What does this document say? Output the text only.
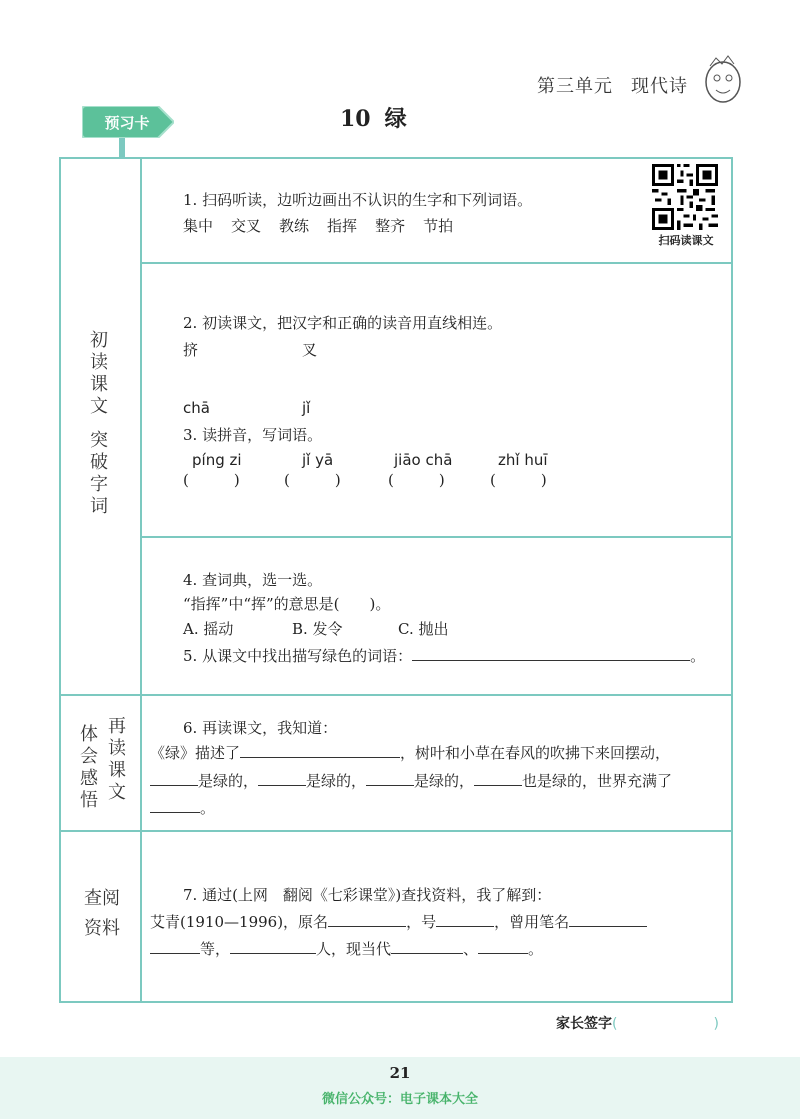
第三单元 现代诗
预习卡	10 绿
初读课文
突破字词
再读课文
体会感悟
查阅
资料
扫码读课文
1. 扫码听读，边听边画出不认识的生字和下列词语。
集中 交叉 教练 指挥 整齐 节拍
2. 初读课文，把汉字和正确的读音用直线相连。
挤	叉
chā	jǐ
3. 读拼音，写词语。
píng zi	jǐ yā	jiāo chā	zhǐ huī
(　　　)	(　　　)	(　　　)	(　　　)
4. 查词典，选一选。
“指挥”中“挥”的意思是(　　)。
A. 摇动	B. 发令	C. 抛出
5. 从课文中找出描写绿色的词语：	。
6. 再读课文，我知道：
《绿》描述了	，树叶和小草在春风的吹拂下来回摆动，
是绿的，	是绿的，	是绿的，	也是绿的，世界充满了
。
7. 通过(上网　翻阅《七彩课堂》)查找资料，我了解到：
艾青(1910—1996)，原名	，号	，曾用笔名
等，	人，现当代	、	。
家长签字(	)
21
微信公众号：电子课本大全
